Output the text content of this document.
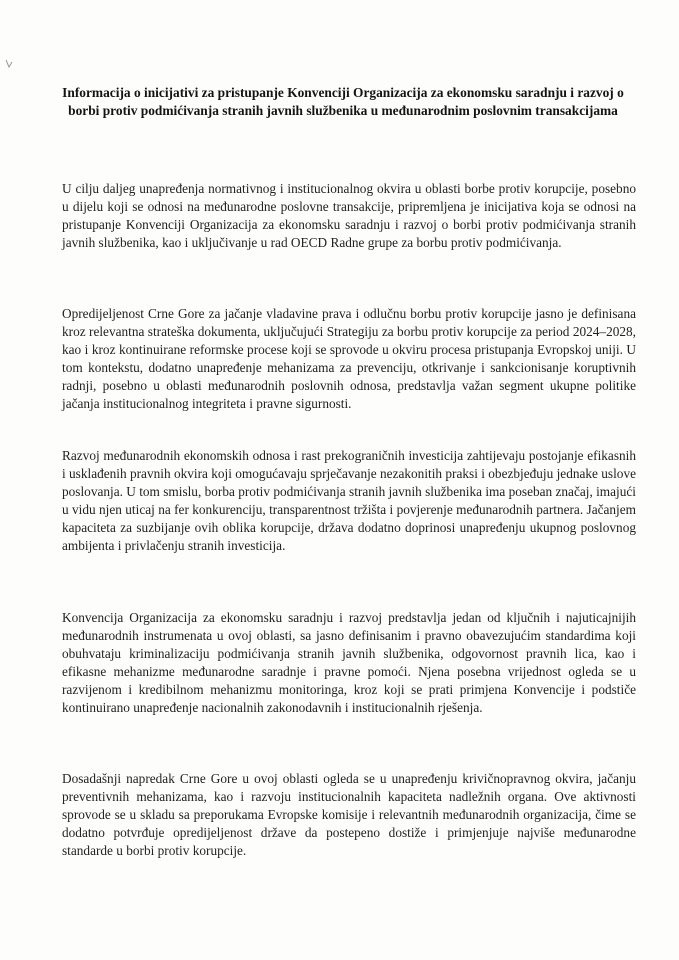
Informacija o inicijativi za pristupanje Konvenciji Organizacija za ekonomsku saradnju i razvoj o borbi protiv podmićivanja stranih javnih službenika u međunarodnim poslovnim transakcijama
U cilju daljeg unapređenja normativnog i institucionalnog okvira u oblasti borbe protiv korupcije, posebno u dijelu koji se odnosi na međunarodne poslovne transakcije, pripremljena je inicijativa koja se odnosi na pristupanje Konvenciji Organizacija za ekonomsku saradnju i razvoj o borbi protiv podmićivanja stranih javnih službenika, kao i uključivanje u rad OECD Radne grupe za borbu protiv podmićivanja.
Opredijeljenost Crne Gore za jačanje vladavine prava i odlučnu borbu protiv korupcije jasno je definisana kroz relevantna strateška dokumenta, uključujući Strategiju za borbu protiv korupcije za period 2024–2028, kao i kroz kontinuirane reformske procese koji se sprovode u okviru procesa pristupanja Evropskoj uniji. U tom kontekstu, dodatno unapređenje mehanizama za prevenciju, otkrivanje i sankcionisanje koruptivnih radnji, posebno u oblasti međunarodnih poslovnih odnosa, predstavlja važan segment ukupne politike jačanja institucionalnog integriteta i pravne sigurnosti.
Razvoj međunarodnih ekonomskih odnosa i rast prekograničnih investicija zahtijevaju postojanje efikasnih i usklađenih pravnih okvira koji omogućavaju sprječavanje nezakonitih praksi i obezbjeđuju jednake uslove poslovanja. U tom smislu, borba protiv podmićivanja stranih javnih službenika ima poseban značaj, imajući u vidu njen uticaj na fer konkurenciju, transparentnost tržišta i povjerenje međunarodnih partnera. Jačanjem kapaciteta za suzbijanje ovih oblika korupcije, država dodatno doprinosi unapređenju ukupnog poslovnog ambijenta i privlačenju stranih investicija.
Konvencija Organizacija za ekonomsku saradnju i razvoj predstavlja jedan od ključnih i najuticajnijih međunarodnih instrumenata u ovoj oblasti, sa jasno definisanim i pravno obavezujućim standardima koji obuhvataju kriminalizaciju podmićivanja stranih javnih službenika, odgovornost pravnih lica, kao i efikasne mehanizme međunarodne saradnje i pravne pomoći. Njena posebna vrijednost ogleda se u razvijenom i kredibilnom mehanizmu monitoringa, kroz koji se prati primjena Konvencije i podstiče kontinuirano unapređenje nacionalnih zakonodavnih i institucionalnih rješenja.
Dosadašnji napredak Crne Gore u ovoj oblasti ogleda se u unapređenju krivičnopravnog okvira, jačanju preventivnih mehanizama, kao i razvoju institucionalnih kapaciteta nadležnih organa. Ove aktivnosti sprovode se u skladu sa preporukama Evropske komisije i relevantnih međunarodnih organizacija, čime se dodatno potvrđuje opredijeljenost države da postepeno dostiže i primjenjuje najviše međunarodne standarde u borbi protiv korupcije.
